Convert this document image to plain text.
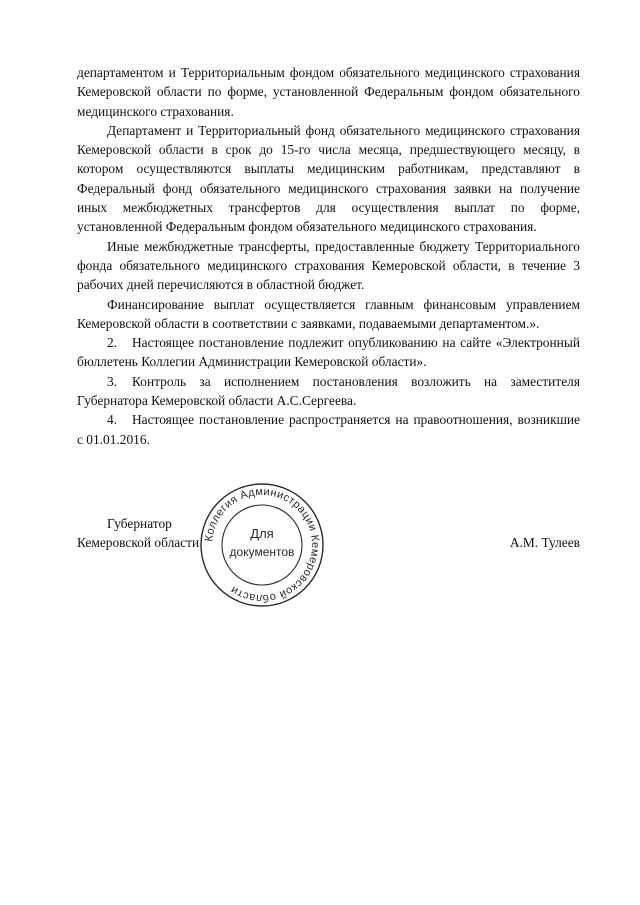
департаментом и Территориальным фондом обязательного медицинского страхования Кемеровской области по форме, установленной Федеральным фондом обязательного медицинского страхования.

Департамент и Территориальный фонд обязательного медицинского страхования Кемеровской области в срок до 15-го числа месяца, предшествующего месяцу, в котором осуществляются выплаты медицинским работникам, представляют в Федеральный фонд обязательного медицинского страхования заявки на получение иных межбюджетных трансфертов для осуществления выплат по форме, установленной Федеральным фондом обязательного медицинского страхования.

Иные межбюджетные трансферты, предоставленные бюджету Территориального фонда обязательного медицинского страхования Кемеровской области, в течение 3 рабочих дней перечисляются в областной бюджет.

Финансирование выплат осуществляется главным финансовым управлением Кемеровской области в соответствии с заявками, подаваемыми департаментом.».

2. Настоящее постановление подлежит опубликованию на сайте «Электронный бюллетень Коллегии Администрации Кемеровской области».

3. Контроль за исполнением постановления возложить на заместителя Губернатора Кемеровской области А.С.Сергеева.

4. Настоящее постановление распространяется на правоотношения, возникшие с 01.01.2016.

Губернатор
Кемеровской области	А.М. Тулеев
Коллегия Администрации Кемеровской области
Для
документов
